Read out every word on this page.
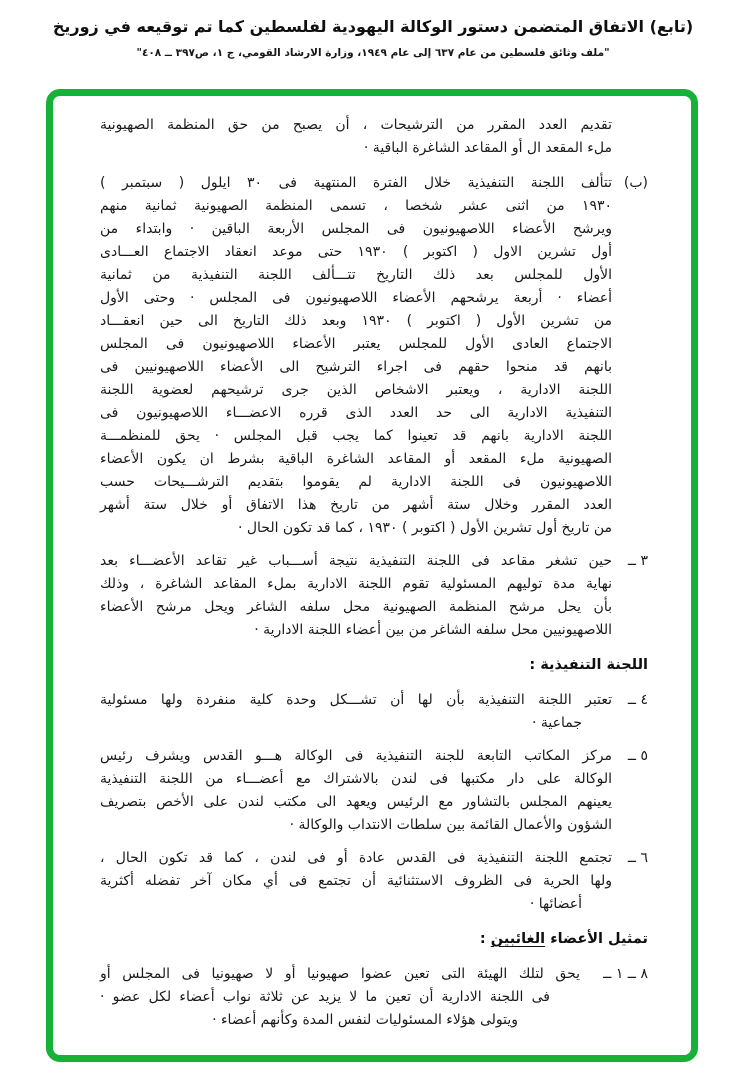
(تابع) الاتفاق المتضمن دستور الوكالة اليهودية لفلسطين كما تم توقيعه في زوريخ
"ملف وثائق فلسطين من عام ٦٣٧ إلى عام ١٩٤٩، وزارة الارشاد القومي، ج ١، ص٣٩٧ ــ ٤٠٨"
تقديم العدد المقرر من الترشيحات ، أن يصبح من حق المنظمة الصهيونية
ملء المقعد ال أو المقاعد الشاغرة الباقية ·
(ب)
تتألف اللجنة التنفيذية خلال الفترة المنتهية فى ٣٠ ايلول ( سبتمبر )
١٩٣٠ من اثنى عشر شخصا ، تسمى المنظمة الصهيونية ثمانية منهم
ويرشح الأعضاء اللاصهيونيون فى المجلس الأربعة الباقين · وابتداء من
أول تشرين الاول ( اكتوبر ) ١٩٣٠ حتى موعد انعقاد الاجتماع العـــادى
الأول للمجلس بعد ذلك التاريخ تتـــألف اللجنة التنفيذية من ثمانية
أعضاء · أربعة يرشحهم الأعضاء اللاصهيونيون فى المجلس · وحتى الأول
من تشرين الأول ( اكتوبر ) ١٩٣٠ وبعد ذلك التاريخ الى حين انعقـــاد
الاجتماع العادى الأول للمجلس يعتبر الأعضاء اللاصهيونيون فى المجلس
بانهم قد منحوا حقهم فى اجراء الترشيح الى الأعضاء اللاصهيونيين فى
اللجنة الادارية ، ويعتبر الاشخاص الذين جرى ترشيحهم لعضوية اللجنة
التنفيذية الادارية الى حد العدد الذى قرره الاعضـــاء اللاصهيونيون فى
اللجنة الادارية بانهم قد تعينوا كما يجب قبل المجلس · يحق للمنظمـــة
الصهيونية ملء المقعد أو المقاعد الشاغرة الباقية بشرط ان يكون الأعضاء
اللاصهيونيون فى اللجنة الادارية لم يقوموا بتقديم الترشـــيحات حسب
العدد المقرر وخلال ستة أشهر من تاريخ هذا الاتفاق أو خلال ستة أشهر
من تاريخ أول تشرين الأول ( اكتوبر ) ١٩٣٠ ، كما قد تكون الحال ·
٣ ــ
حين تشغر مقاعد فى اللجنة التنفيذية نتيجة أســـباب غير تقاعد الأعضـــاء بعد
نهاية مدة توليهم المسئولية تقوم اللجنة الادارية بملء المقاعد الشاغرة ، وذلك
بأن يحل مرشح المنظمة الصهيونية محل سلفه الشاغر ويحل مرشح الأعضاء
اللاصهيونيين محل سلفه الشاغر من بين أعضاء اللجنة الادارية ·
اللجنة التنفيذية :
٤ ــ
تعتبر اللجنة التنفيذية بأن لها أن تشـــكل وحدة كلية منفردة ولها مسئولية
جماعية ·
٥ ــ
مركز المكاتب التابعة للجنة التنفيذية فى الوكالة هـــو القدس ويشرف رئيس
الوكالة على دار مكتبها فى لندن بالاشتراك مع أعضـــاء من اللجنة التنفيذية
يعينهم المجلس بالتشاور مع الرئيس ويعهد الى مكتب لندن على الأخص بتصريف
الشؤون والأعمال القائمة بين سلطات الانتداب والوكالة ·
٦ ــ
تجتمع اللجنة التنفيذية فى القدس عادة أو فى لندن ، كما قد تكون الحال ،
ولها الحرية فى الظروف الاستثنائية أن تجتمع فى أي مكان آخر تفضله أكثرية
أعضائها ·
تمثيل الأعضاء الغائبين :
٨ ــ ١ ــ
يحق لتلك الهيئة التى تعين عضوا صهيونيا أو لا صهيونيا فى المجلس أو
فى اللجنة الادارية أن تعين ما لا يزيد عن ثلاثة نواب أعضاء لكل عضو ·
ويتولى هؤلاء المسئوليات لنفس المدة وكأنهم أعضاء ·
